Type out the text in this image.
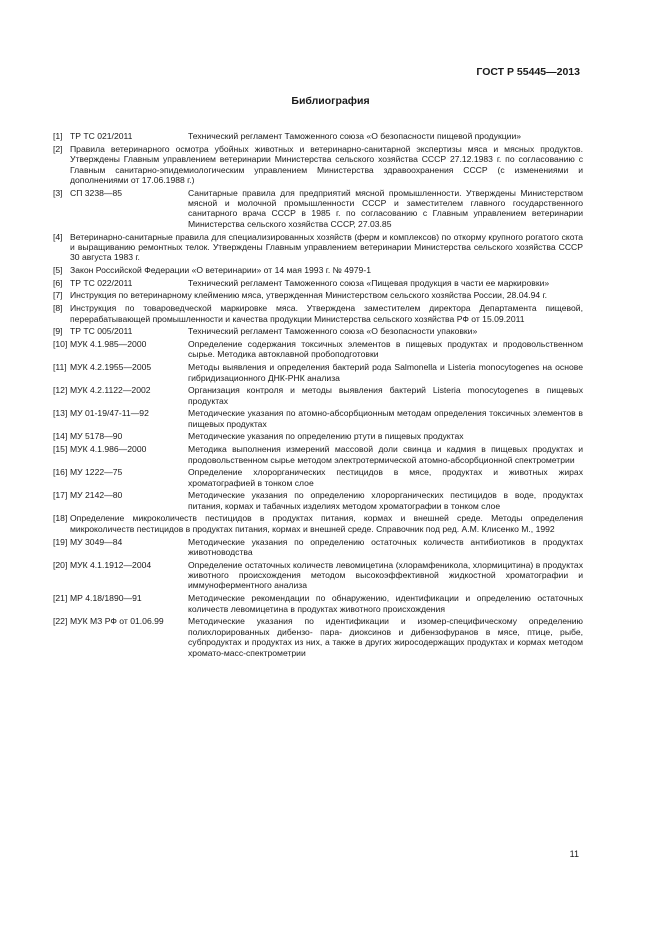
ГОСТ Р 55445—2013
Библиография
[1] ТР ТС 021/2011	Технический регламент Таможенного союза «О безопасности пищевой продукции»
[2] Правила ветеринарного осмотра убойных животных и ветеринарно-санитарной экспертизы мяса и мясных продуктов. Утверждены Главным управлением ветеринарии Министерства сельского хозяйства СССР 27.12.1983 г. по согласованию с Главным санитарно-эпидемиологическим управлением Министерства здравоохранения СССР (с изменениями и дополнениями от 17.06.1988 г.)
[3] СП 3238—85	Санитарные правила для предприятий мясной промышленности. Утверждены Министерством мясной и молочной промышленности СССР и заместителем главного государственного санитарного врача СССР в 1985 г. по согласованию с Главным управлением ветеринарии Министерства сельского хозяйства СССР, 27.03.85
[4] Ветеринарно-санитарные правила для специализированных хозяйств (ферм и комплексов) по откорму крупного рогатого скота и выращиванию ремонтных телок. Утверждены Главным управлением ветеринарии Министерства сельского хозяйства СССР 30 августа 1983 г.
[5] Закон Российской Федерации «О ветеринарии» от 14 мая 1993 г. № 4979-1
[6] ТР ТС 022/2011	Технический регламент Таможенного союза «Пищевая продукция в части ее маркировки»
[7] Инструкция по ветеринарному клеймению мяса, утвержденная Министерством сельского хозяйства России, 28.04.94 г.
[8] Инструкция по товароведческой маркировке мяса. Утверждена заместителем директора Департамента пищевой, перерабатывающей промышленности и качества продукции Министерства сельского хозяйства РФ от 15.09.2011
[9] ТР ТС 005/2011	Технический регламент Таможенного союза «О безопасности упаковки»
[10] МУК 4.1.985—2000	Определение содержания токсичных элементов в пищевых продуктах и продовольственном сырье. Методика автоклавной пробоподготовки
[11] МУК 4.2.1955—2005	Методы выявления и определения бактерий рода Salmonella и Listeria monocytogenes на основе гибридизационного ДНК-РНК анализа
[12] МУК 4.2.1122—2002	Организация контроля и методы выявления бактерий Listeria monocytogenes в пищевых продуктах
[13] МУ 01-19/47-11—92	Методические указания по атомно-абсорбционным методам определения токсичных элементов в пищевых продуктах
[14] МУ 5178—90	Методические указания по определению ртути в пищевых продуктах
[15] МУК 4.1.986—2000	Методика выполнения измерений массовой доли свинца и кадмия в пищевых продуктах и продовольственном сырье методом электротермической атомно-абсорбционной спектрометрии
[16] МУ 1222—75	Определение хлорорганических пестицидов в мясе, продуктах и животных жирах хроматографией в тонком слое
[17] МУ 2142—80	Методические указания по определению хлорорганических пестицидов в воде, продуктах питания, кормах и табачных изделиях методом хроматографии в тонком слое
[18] Определение микроколичеств пестицидов в продуктах питания, кормах и внешней среде. Методы определения микроколичеств пестицидов в продуктах питания, кормах и внешней среде. Справочник под ред. А.М. Клисенко М., 1992
[19] МУ 3049—84	Методические указания по определению остаточных количеств антибиотиков в продуктах животноводства
[20] МУК 4.1.1912—2004	Определение остаточных количеств левомицетина (хлорамфеникола, хлормицитина) в продуктах животного происхождения методом высокоэффективной жидкостной хроматографии и иммуноферментного анализа
[21] МР 4.18/1890—91	Методические рекомендации по обнаружению, идентификации и определению остаточных количеств левомицетина в продуктах животного происхождения
[22] МУК МЗ РФ от 01.06.99	Методические указания по идентификации и изомер-специфическому определению полихлорированных дибензо- пара- диоксинов и дибензофуранов в мясе, птице, рыбе, субпродуктах и продуктах из них, а также в других жиросодержащих продуктах и кормах методом хромато-масс-спектрометрии
11
